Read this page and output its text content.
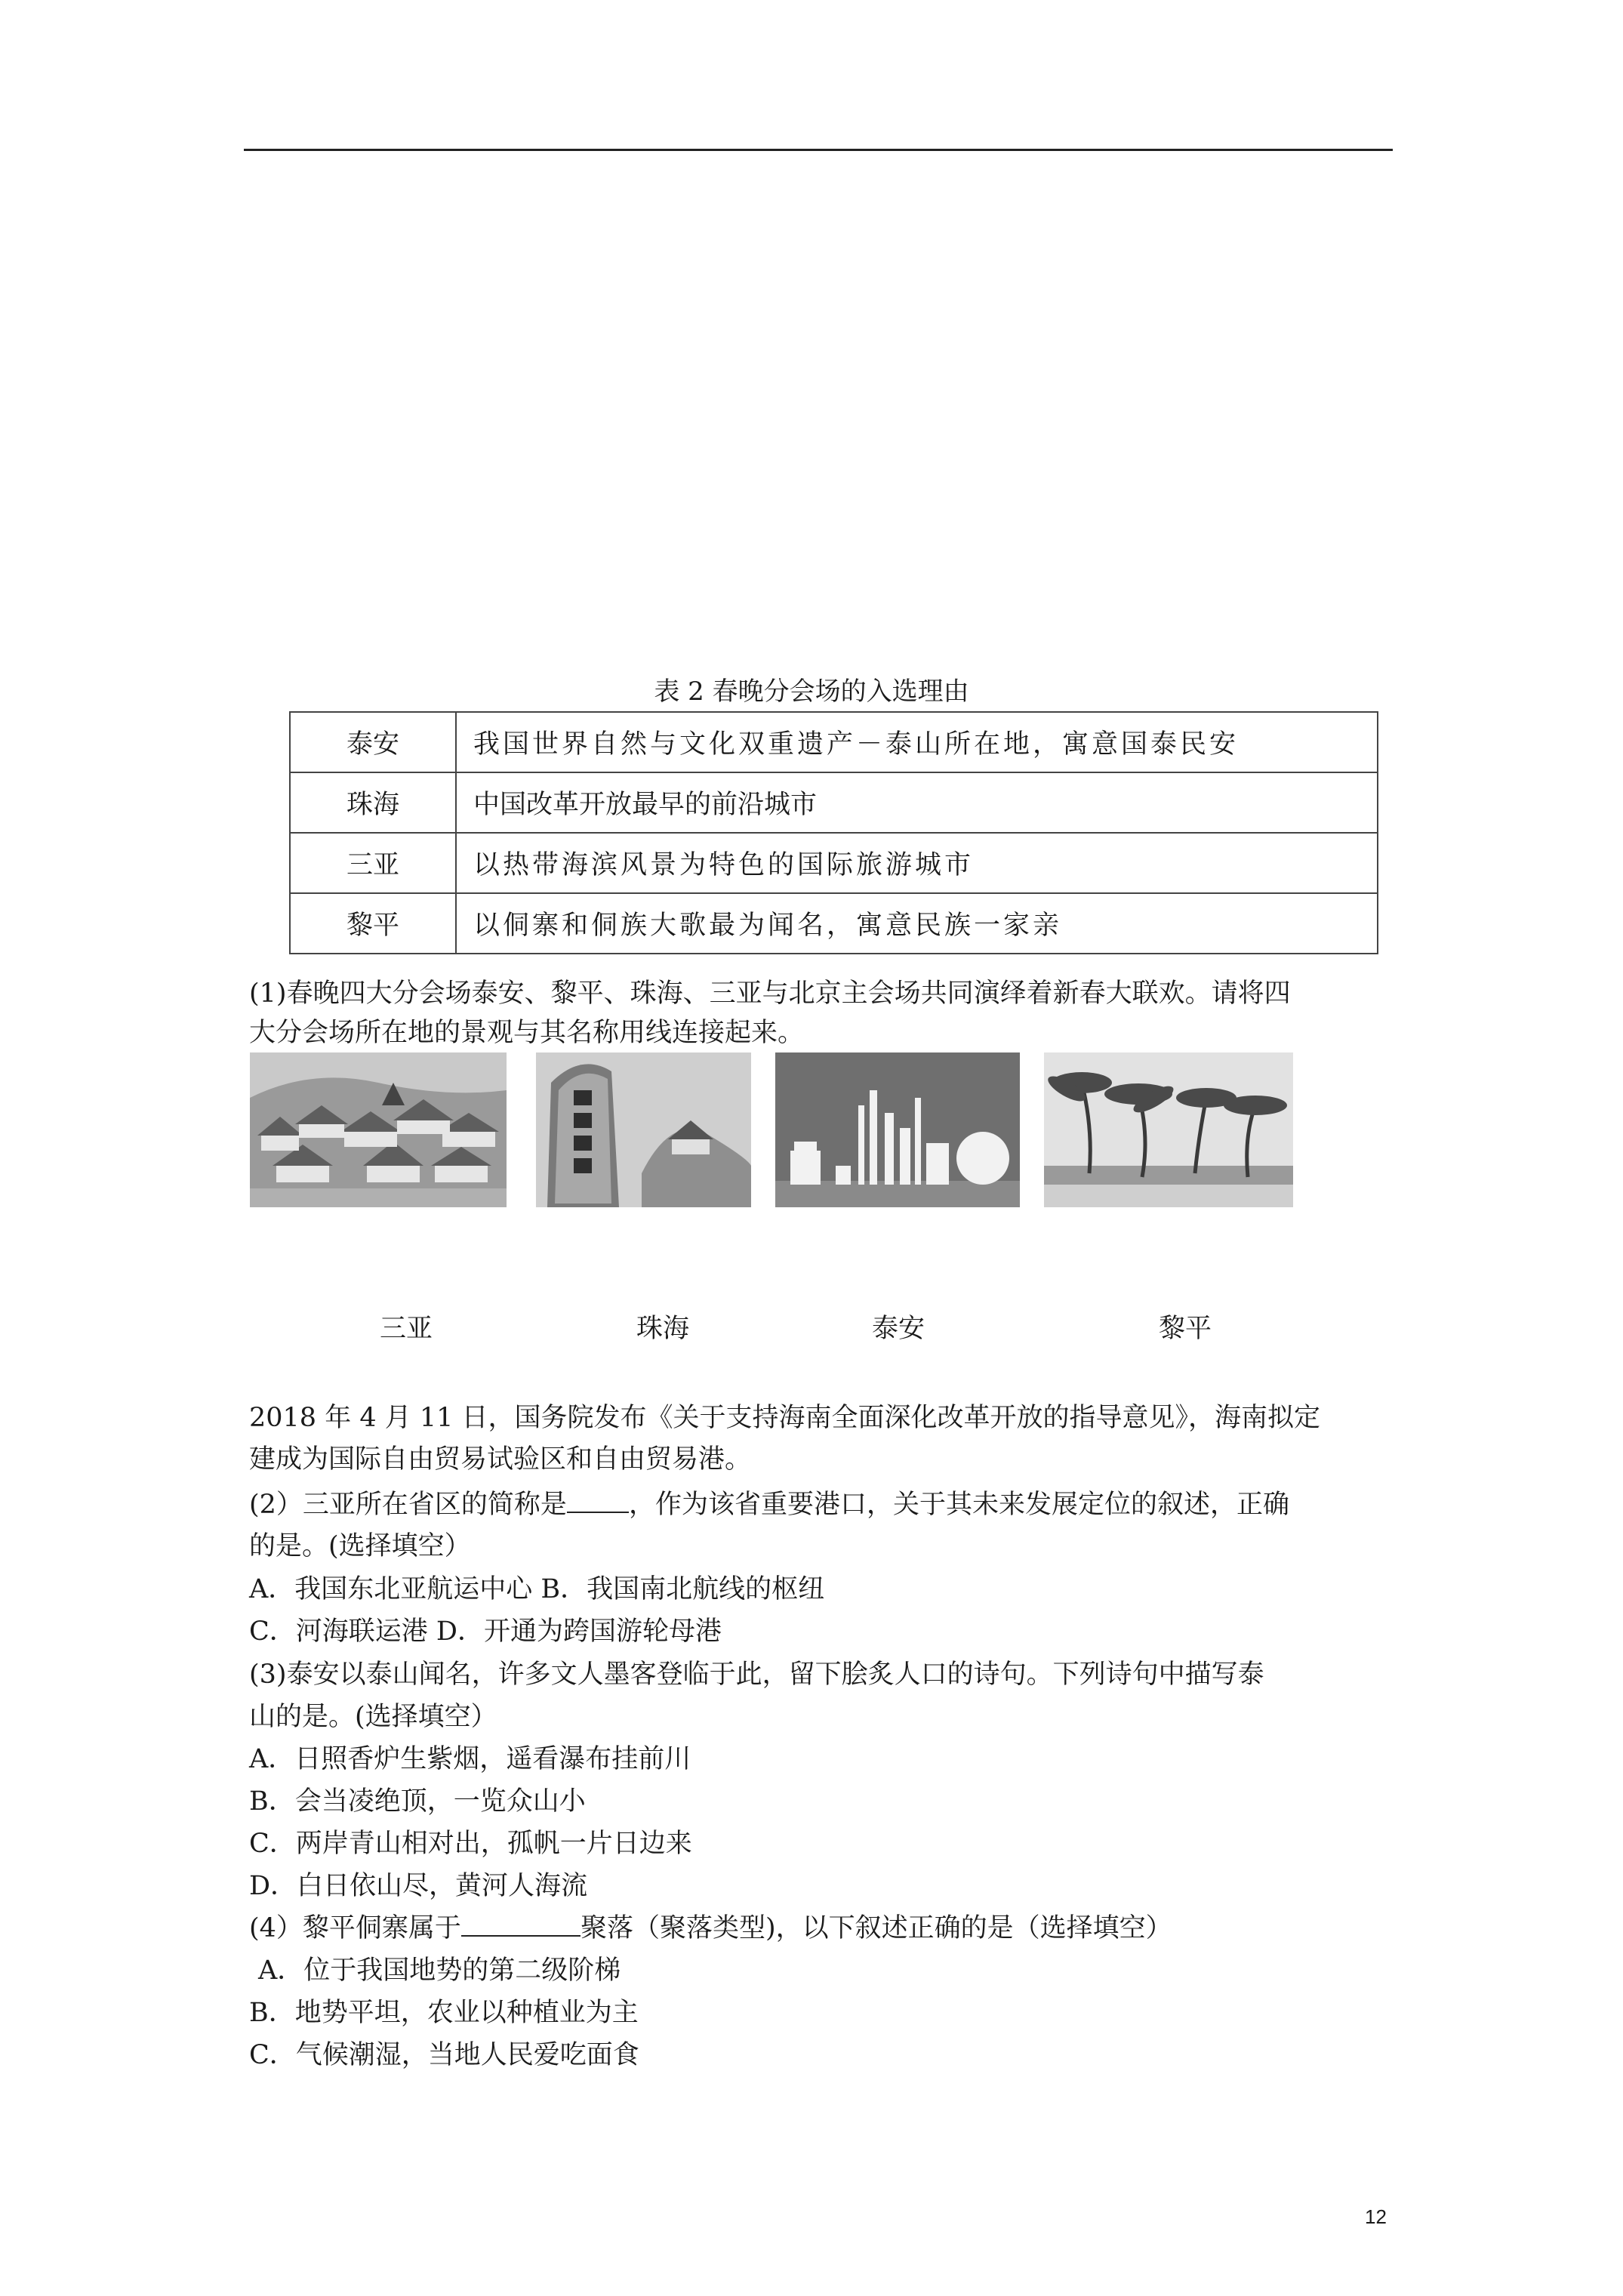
表 2 春晚分会场的入选理由
泰安	我国世界自然与文化双重遗产－泰山所在地，寓意国泰民安
珠海	中国改革开放最早的前沿城市
三亚	以热带海滨风景为特色的国际旅游城市
黎平	以侗寨和侗族大歌最为闻名，寓意民族一家亲
(1)春晚四大分会场泰安、黎平、珠海、三亚与北京主会场共同演绎着新春大联欢。请将四
大分会场所在地的景观与其名称用线连接起来。
三亚	珠海	泰安	黎平
2018 年 4 月 11 日，国务院发布《关于支持海南全面深化改革开放的指导意见》，海南拟定
建成为国际自由贸易试验区和自由贸易港。
(2）三亚所在省区的简称是 ，作为该省重要港口，关于其未来发展定位的叙述，正确
的是。(选择填空）
A．我国东北亚航运中心 B．我国南北航线的枢纽
C．河海联运港 D．开通为跨国游轮母港
(3)泰安以泰山闻名，许多文人墨客登临于此，留下脍炙人口的诗句。下列诗句中描写泰
山的是。(选择填空）
A．日照香炉生紫烟，遥看瀑布挂前川
B．会当凌绝顶，一览众山小
C．两岸青山相对出，孤帆一片日边来
D．白日依山尽，黄河人海流
(4）黎平侗寨属于	聚落（聚落类型)，以下叙述正确的是（选择填空）
A．位于我国地势的第二级阶梯
B．地势平坦，农业以种植业为主
C．气候潮湿，当地人民爱吃面食
12
